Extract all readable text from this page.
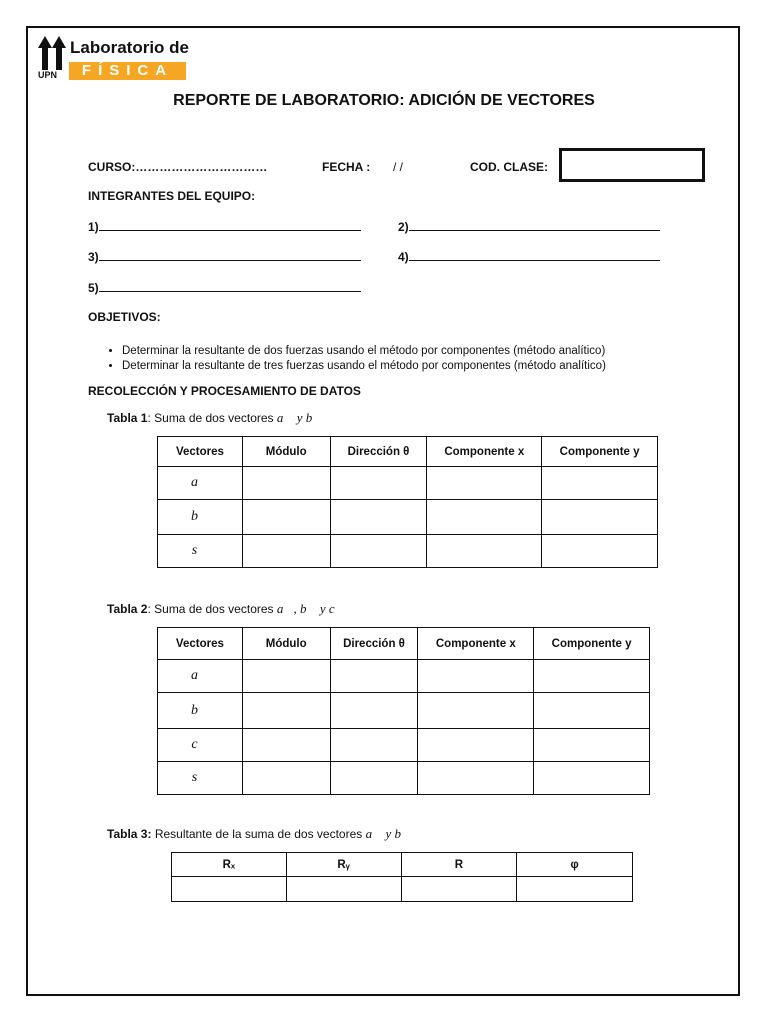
UPN
Laboratorio de
FÍSICA
REPORTE DE LABORATORIO: ADICIÓN DE VECTORES
CURSO:……………………………	FECHA : / /	COD. CLASE:
INTEGRANTES DEL EQUIPO:
1)	2)
3)	4)
5)
OBJETIVOS:
• Determinar la resultante de dos fuerzas usando el método por componentes (método analítico)
• Determinar la resultante de tres fuerzas usando el método por componentes (método analítico)
RECOLECCIÓN Y PROCESAMIENTO DE DATOS
Tabla 1: Suma de dos vectores a⃗ y b⃗
Vectores	Módulo	Dirección θ	Componente x	Componente y
a⃗				
b⃗				
s⃗				
Tabla 2: Suma de dos vectores a⃗, b⃗ y c⃗
Vectores	Módulo	Dirección θ	Componente x	Componente y
a⃗				
b⃗				
c⃗				
s⃗				
Tabla 3: Resultante de la suma de dos vectores a⃗ y b⃗
Rₓ	Rᵧ	R	φ
